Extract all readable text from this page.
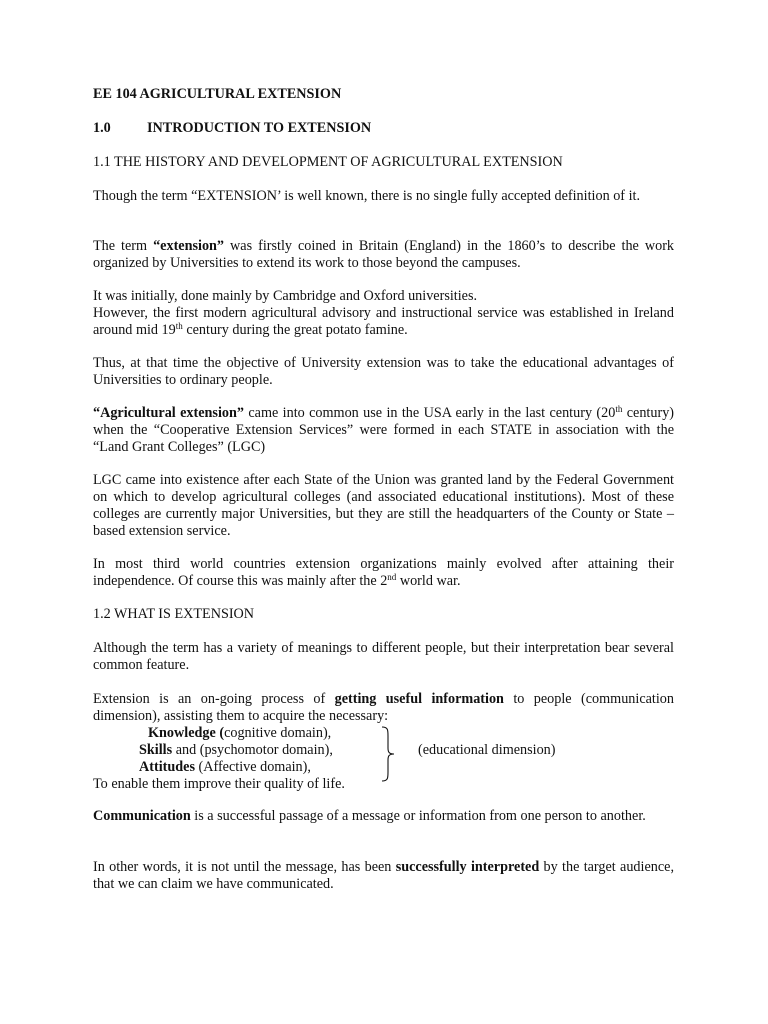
EE 104 AGRICULTURAL EXTENSION
1.0	INTRODUCTION TO EXTENSION
1.1 THE HISTORY AND DEVELOPMENT OF AGRICULTURAL EXTENSION

Though the term “EXTENSION’ is well known, there is no single fully accepted definition of it.

The term “extension” was firstly coined in Britain (England) in the 1860’s to describe the work organized by Universities to extend its work to those beyond the campuses.

It was initially, done mainly by Cambridge and Oxford universities.
However, the first modern agricultural advisory and instructional service was established in Ireland around mid 19th century during the great potato famine.

Thus, at that time the objective of University extension was to take the educational advantages of Universities to ordinary people.

“Agricultural extension” came into common use in the USA early in the last century (20th century) when the “Cooperative Extension Services” were formed in each STATE in association with the “Land Grant Colleges” (LGC)

LGC came into existence after each State of the Union was granted land by the Federal Government on which to develop agricultural colleges (and associated educational institutions). Most of these colleges are currently major Universities, but they are still the headquarters of the County or State – based extension service.

In most third world countries extension organizations mainly evolved after attaining their independence. Of course this was mainly after the 2nd world war.

1.2 WHAT IS EXTENSION

Although the term has a variety of meanings to different people, but their interpretation bear several common feature.

Extension is an on-going process of getting useful information to people (communication dimension), assisting them to acquire the necessary:

Knowledge (cognitive domain),
Skills and (psychomotor domain),
Attitudes (Affective domain),
(educational dimension)
To enable them improve their quality of life.

Communication is a successful passage of a message or information from one person to another.

In other words, it is not until the message, has been successfully interpreted by the target audience, that we can claim we have communicated.
